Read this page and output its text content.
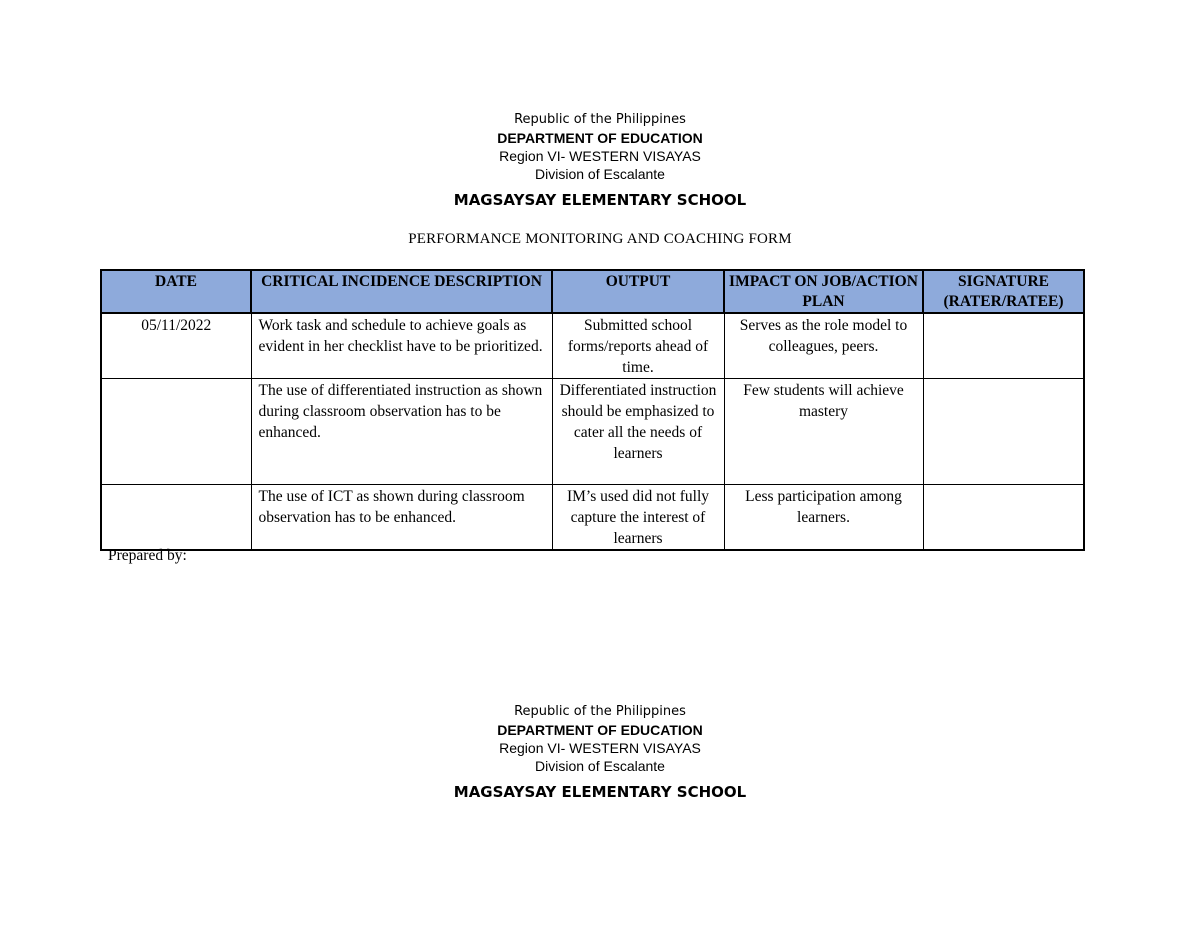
Republic of the Philippines
DEPARTMENT OF EDUCATION
Region VI- WESTERN VISAYAS
Division of Escalante
MAGSAYSAY ELEMENTARY SCHOOL
PERFORMANCE MONITORING AND COACHING FORM
DATE	CRITICAL INCIDENCE DESCRIPTION	OUTPUT	IMPACT ON JOB/ACTION PLAN	SIGNATURE (RATER/RATEE)
05/11/2022	Work task and schedule to achieve goals as evident in her checklist have to be prioritized.	Submitted school forms/reports ahead of time.	Serves as the role model to colleagues, peers.	
	The use of differentiated instruction as shown during classroom observation has to be enhanced.	Differentiated instruction should be emphasized to cater all the needs of learners	Few students will achieve mastery	
	The use of ICT as shown during classroom observation has to be enhanced.	IM’s used did not fully capture the interest of learners	Less participation among learners.	
Prepared by:
Republic of the Philippines
DEPARTMENT OF EDUCATION
Region VI- WESTERN VISAYAS
Division of Escalante
MAGSAYSAY ELEMENTARY SCHOOL
